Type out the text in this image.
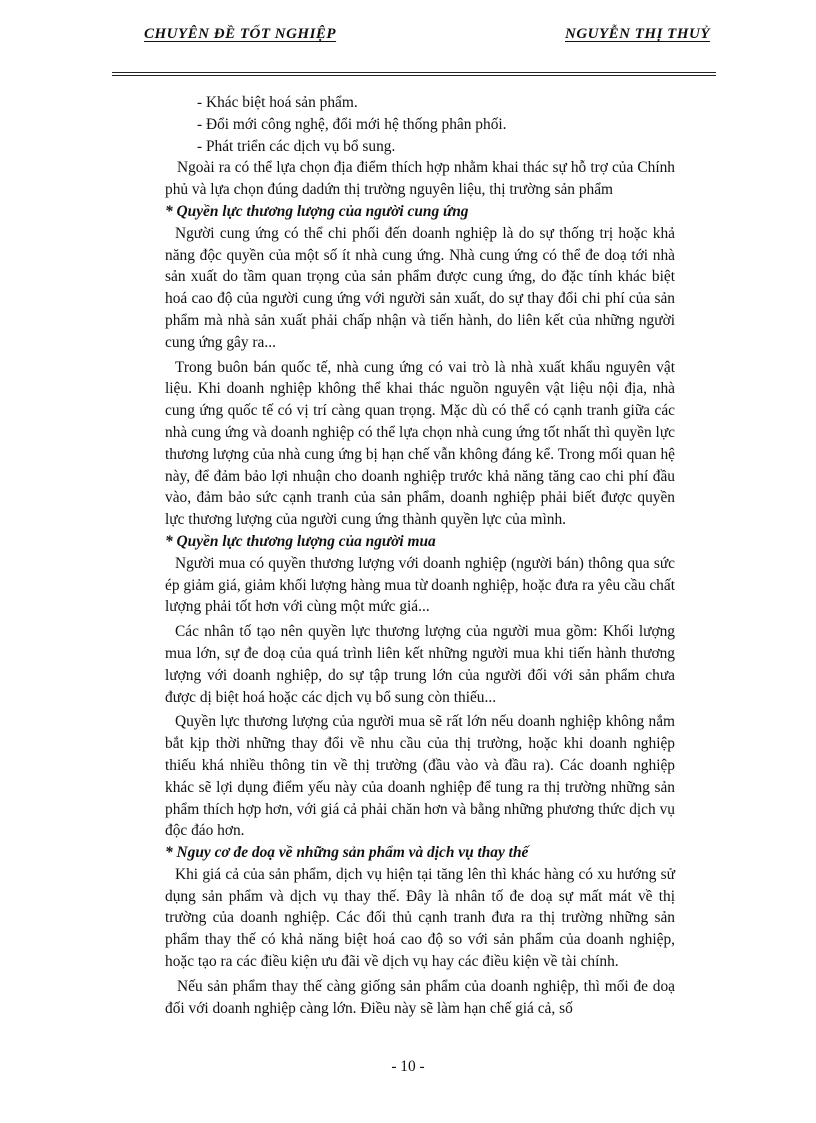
CHUYÊN ĐỀ TỐT NGHIỆP	NGUYỄN THỊ THUỶ

- Khác biệt hoá sản phẩm.

- Đổi mới công nghệ, đổi mới hệ thống phân phối.

- Phát triển các dịch vụ bổ sung.

Ngoài ra có thể lựa chọn địa điểm thích hợp nhằm khai thác sự hỗ trợ của Chính phủ và lựa chọn đúng dadứn thị trường nguyên liệu, thị trường sản phẩm

* Quyền lực thương lượng của người cung ứng

Người cung ứng có thể chi phối đến doanh nghiệp là do sự thống trị hoặc khả năng độc quyền của một số ít nhà cung ứng. Nhà cung ứng có thể đe doạ tới nhà sản xuất do tầm quan trọng của sản phẩm được cung ứng, do đặc tính khác biệt hoá cao độ của người cung ứng với người sản xuất, do sự thay đổi chi phí của sản phẩm mà nhà sản xuất phải chấp nhận và tiến hành, do liên kết của những người cung ứng gây ra...

Trong buôn bán quốc tế, nhà cung ứng có vai trò là nhà xuất khẩu nguyên vật liệu. Khi doanh nghiệp không thể khai thác nguồn nguyên vật liệu nội địa, nhà cung ứng quốc tế có vị trí càng quan trọng. Mặc dù có thể có cạnh tranh giữa các nhà cung ứng và doanh nghiệp có thể lựa chọn nhà cung ứng tốt nhất thì quyền lực thương lượng của nhà cung ứng bị hạn chế vẫn không đáng kể. Trong mối quan hệ này, để đảm bảo lợi nhuận cho doanh nghiệp trước khả năng tăng cao chi phí đầu vào, đảm bảo sức cạnh tranh của sản phẩm, doanh nghiệp phải biết được quyền lực thương lượng của người cung ứng thành quyền lực của mình.

* Quyền lực thương lượng của người mua

Người mua có quyền thương lượng với doanh nghiệp (người bán) thông qua sức ép giảm giá, giảm khối lượng hàng mua từ doanh nghiệp, hoặc đưa ra yêu cầu chất lượng phải tốt hơn với cùng một mức giá...

Các nhân tố tạo nên quyền lực thương lượng của người mua gồm: Khối lượng mua lớn, sự đe doạ của quá trình liên kết những người mua khi tiến hành thương lượng với doanh nghiệp, do sự tập trung lớn của người đối với sản phẩm chưa được dị biệt hoá hoặc các dịch vụ bổ sung còn thiếu...

Quyền lực thương lượng của người mua sẽ rất lớn nếu doanh nghiệp không nắm bắt kịp thời những thay đổi về nhu cầu của thị trường, hoặc khi doanh nghiệp thiếu khá nhiều thông tin về thị trường (đầu vào và đầu ra). Các doanh nghiệp khác sẽ lợi dụng điểm yếu này của doanh nghiệp để tung ra thị trường những sản phẩm thích hợp hơn, với giá cả phải chăn hơn và bằng những phương thức dịch vụ độc đáo hơn.

* Nguy cơ đe doạ về những sản phẩm và dịch vụ thay thế

Khi giá cả của sản phẩm, dịch vụ hiện tại tăng lên thì khác hàng có xu hướng sử dụng sản phẩm và dịch vụ thay thế. Đây là nhân tố đe doạ sự mất mát về thị trường của doanh nghiệp. Các đối thủ cạnh tranh đưa ra thị trường những sản phẩm thay thế có khả năng biệt hoá cao độ so với sản phẩm của doanh nghiệp, hoặc tạo ra các điều kiện ưu đãi về dịch vụ hay các điều kiện về tài chính.

Nếu sản phẩm thay thế càng giống sản phẩm của doanh nghiệp, thì mối đe doạ đối với doanh nghiệp càng lớn. Điều này sẽ làm hạn chế giá cả, số

- 10 -
